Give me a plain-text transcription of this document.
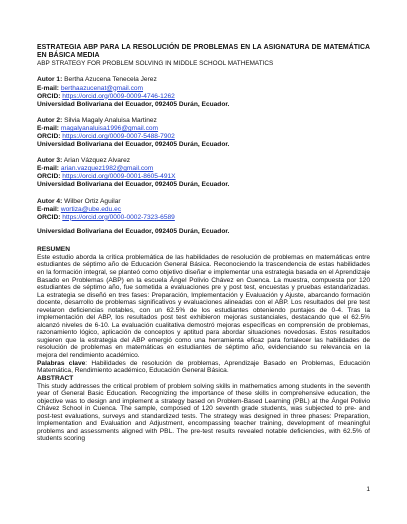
ESTRATEGIA ABP PARA LA RESOLUCIÓN DE PROBLEMAS EN LA ASIGNATURA DE MATEMÁTICA EN BÁSICA MEDIA
ABP STRATEGY FOR PROBLEM SOLVING IN MIDDLE SCHOOL MATHEMATICS
Autor 1: Bertha Azucena Tenecela Jerez
E-mail: berthaazucenat@gmail.com
ORCID: https://orcid.org/0009-0009-4746-1262
Universidad Bolivariana del Ecuador, 092405 Durán, Ecuador.
Autor 2: Silvia Magaly Analuisa Martinez
E-mail: magalyanaluisa1996@gmail.com
ORCID: https://orcid.org/0009-0007-5488-7902
Universidad Bolivariana del Ecuador, 092405 Durán, Ecuador.
Autor 3: Arian Vázquez Alvarez
E-mail: arian.vazquez1982@gmail.com
ORCID: https://orcid.org/0009-0001-8605-491X
Universidad Bolivariana del Ecuador, 092405 Durán, Ecuador.
Autor 4: Wilber Ortiz Aguilar
E-mail: wortiza@ube.edu.ec
ORCID: https://orcid.org/0000-0002-7323-6589
Universidad Bolivariana del Ecuador, 092405 Durán, Ecuador.
RESUMEN
Este estudio aborda la crítica problemática de las habilidades de resolución de problemas en matemáticas entre estudiantes de séptimo año de Educación General Básica. Reconociendo la trascendencia de estas habilidades en la formación integral, se planteó como objetivo diseñar e implementar una estrategia basada en el Aprendizaje Basado en Problemas (ABP) en la escuela Ángel Polivio Chávez en Cuenca. La muestra, compuesta por 120 estudiantes de séptimo año, fue sometida a evaluaciones pre y post test, encuestas y pruebas estandarizadas. La estrategia se diseñó en tres fases: Preparación, Implementación y Evaluación y Ajuste, abarcando formación docente, desarrollo de problemas significativos y evaluaciones alineadas con el ABP. Los resultados del pre test revelaron deficiencias notables, con un 62.5% de los estudiantes obteniendo puntajes de 0-4. Tras la implementación del ABP, los resultados post test exhibieron mejoras sustanciales, destacando que el 62.5% alcanzó niveles de 6-10. La evaluación cualitativa demostró mejoras específicas en comprensión de problemas, razonamiento lógico, aplicación de conceptos y aptitud para abordar situaciones novedosas. Estos resultados sugieren que la estrategia del ABP emergió como una herramienta eficaz para fortalecer las habilidades de resolución de problemas en matemáticas en estudiantes de séptimo año, evidenciando su relevancia en la mejora del rendimiento académico.
Palabras clave: Habilidades de resolución de problemas, Aprendizaje Basado en Problemas, Educación Matemática, Rendimiento académico, Educación General Básica.
ABSTRACT
This study addresses the critical problem of problem solving skills in mathematics among students in the seventh year of General Basic Education. Recognizing the importance of these skills in comprehensive education, the objective was to design and implement a strategy based on Problem-Based Learning (PBL) at the Ángel Polivio Chávez School in Cuenca. The sample, composed of 120 seventh grade students, was subjected to pre- and post-test evaluations, surveys and standardized tests. The strategy was designed in three phases: Preparation, Implementation and Evaluation and Adjustment, encompassing teacher training, development of meaningful problems and assessments aligned with PBL. The pre-test results revealed notable deficiencies, with 62.5% of students scoring
1
